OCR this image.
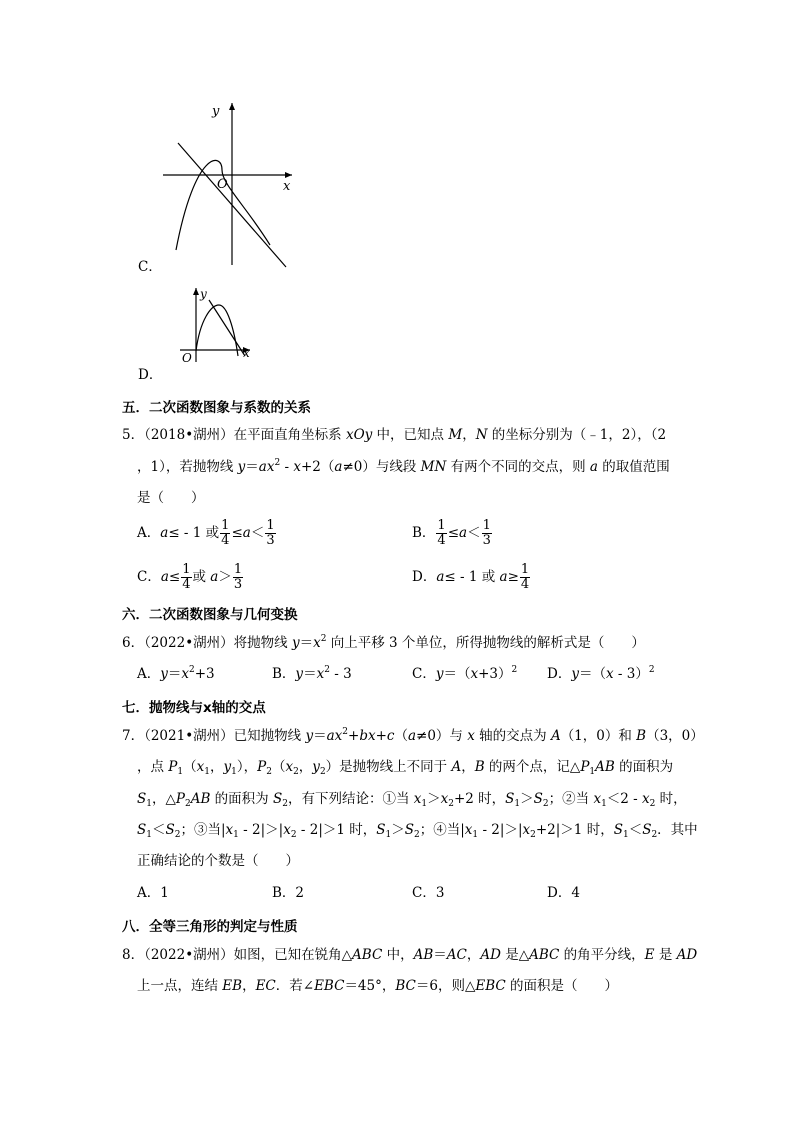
y
x
O
C．
y
x
O
D．
五．二次函数图象与系数的关系
5．（2018•湖州）在平面直角坐标系 xOy 中，已知点 M，N 的坐标分别为（﹣1，2），（2
，1），若抛物线 $y=ax^2 - x+2(a\ne 0)$与线段 MN 有两个不同的交点，则 a 的取值范围
是（　　）
A．a≤ - 1 或 $\frac{1}{4} \le a< \frac{1}{3}$	B． $\frac{1}{4} \le a< \frac{1}{3}$
C．$a\le \frac{1}{4}$ 或 $a> \frac{1}{3}$	D．a≤ - 1 或 $a\ge \frac{1}{4}$
六．二次函数图象与几何变换
6．（2022•湖州）将抛物线 $y=x^2$ 向上平移 3 个单位，所得抛物线的解析式是（　　）
A．$y=x^2+3$	B．$y=x^2 - 3$	C．$y=(x+3)^2$ D．y＝（x - 3）$^2$
七．抛物线与x轴的交点
7．（2021•湖州）已知抛物线 $y=ax^2+bx+c(a\ne 0)$与 x 轴的交点为 A（1，0）和 B（3，0）
，点 $P_1(x_1$，$y_1$），$P_2(x_2$，$y_2$）是抛物线上不同于 A，B 的两个点，记$\triangle P_1AB$ 的面积为
$S_1$，$\triangle P_2AB$ 的面积为 $S_2$，有下列结论：①当 $x_1>x_2+2$ 时，$S_1>S_2$；②当 $x_1<2 - x_2$ 时，
$S_1<S_2$；③当$|x_1 - 2|>|x_2 - 2|>1$ 时，$S_1>S_2$；④当$|x_1 - 2|>|x_2+2|>1$ 时，$S_1<S_2$．其中
正确结论的个数是（　　）
A．1	B．2	C．3	D．4
八．全等三角形的判定与性质
8．（2022•湖州）如图，已知在锐角△ABC 中，AB＝AC，AD 是△ABC 的角平分线，E 是 AD
上一点，连结 EB，EC．若∠EBC＝45°，BC＝6，则△EBC 的面积是（　　）
